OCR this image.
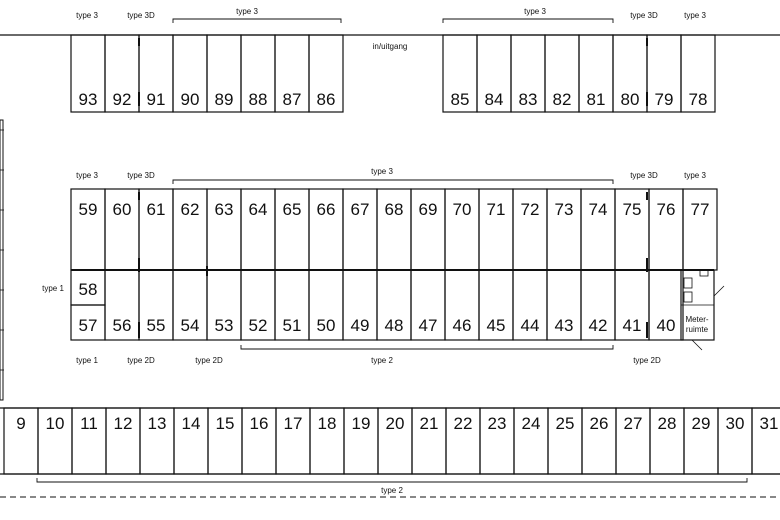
93 92 91 90 89 88 87 86	85 84 83 82 81 80 79 78
59 60 61 62 63 64 65 66 67 68 69 70 71 72 73 74 75 76 77
58
57 56 55 54 53 52 51 50 49 48 47 46 45 44 43 42 41 40
9 10 11 12 13 14 15 16 17 18 19 20 21 22 23 24 25 26 27 28 29 30 31
type 3	type 3D	type 3	type 3	type 3D	type 3
type 3	type 3D	type 3	type 3D	type 3
type 1
type 1	type 2D	type 2D	type 2	type 2D
type 2
in/uitgang
Meter-
ruimte
